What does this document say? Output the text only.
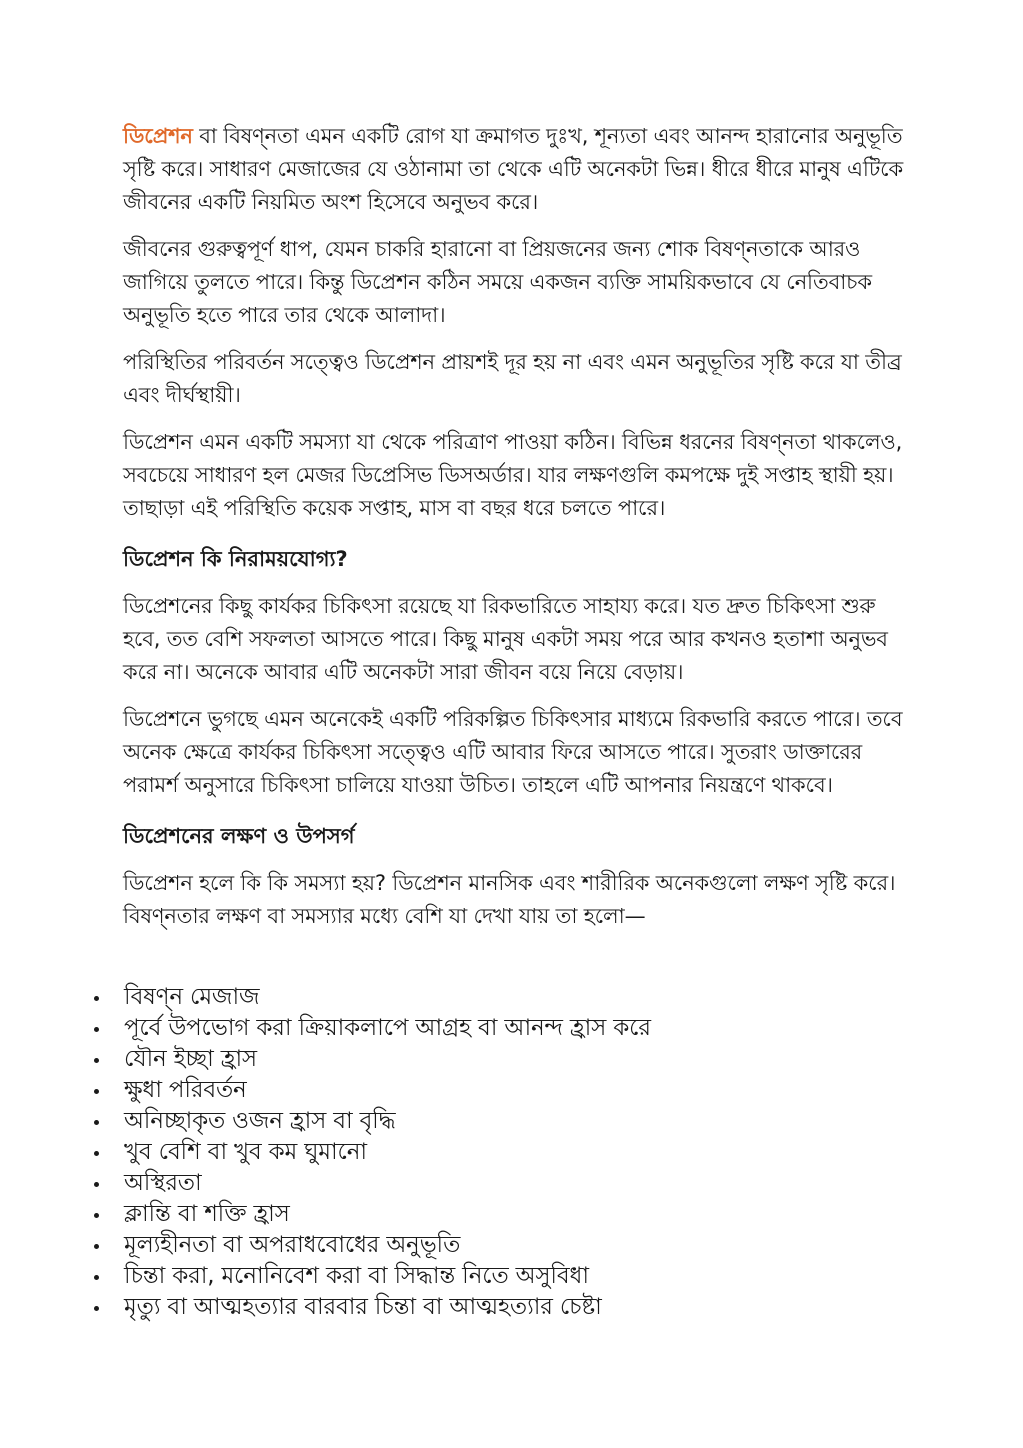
ডিপ্রেশন বা বিষণ্নতা এমন একটি রোগ যা ক্রমাগত দুঃখ, শূন্যতা এবং আনন্দ হারানোর অনুভূতি সৃষ্টি করে। সাধারণ মেজাজের যে ওঠানামা তা থেকে এটি অনেকটা ভিন্ন। ধীরে ধীরে মানুষ এটিকে জীবনের একটি নিয়মিত অংশ হিসেবে অনুভব করে।

জীবনের গুরুত্বপূর্ণ ধাপ, যেমন চাকরি হারানো বা প্রিয়জনের জন্য শোক বিষণ্নতাকে আরও জাগিয়ে তুলতে পারে। কিন্তু ডিপ্রেশন কঠিন সময়ে একজন ব্যক্তি সাময়িকভাবে যে নেতিবাচক অনুভূতি হতে পারে তার থেকে আলাদা।

পরিস্থিতির পরিবর্তন সত্ত্বেও ডিপ্রেশন প্রায়শই দূর হয় না এবং এমন অনুভূতির সৃষ্টি করে যা তীব্র এবং দীর্ঘস্থায়ী।

ডিপ্রেশন এমন একটি সমস্যা যা থেকে পরিত্রাণ পাওয়া কঠিন। বিভিন্ন ধরনের বিষণ্নতা থাকলেও, সবচেয়ে সাধারণ হল মেজর ডিপ্রেসিভ ডিসঅর্ডার। যার লক্ষণগুলি কমপক্ষে দুই সপ্তাহ স্থায়ী হয়। তাছাড়া এই পরিস্থিতি কয়েক সপ্তাহ, মাস বা বছর ধরে চলতে পারে।

ডিপ্রেশন কি নিরাময়যোগ্য?

ডিপ্রেশনের কিছু কার্যকর চিকিৎসা রয়েছে যা রিকভারিতে সাহায্য করে। যত দ্রুত চিকিৎসা শুরু হবে, তত বেশি সফলতা আসতে পারে। কিছু মানুষ একটা সময় পরে আর কখনও হতাশা অনুভব করে না। অনেকে আবার এটি অনেকটা সারা জীবন বয়ে নিয়ে বেড়ায়।

ডিপ্রেশনে ভুগছে এমন অনেকেই একটি পরিকল্পিত চিকিৎসার মাধ্যমে রিকভারি করতে পারে। তবে অনেক ক্ষেত্রে কার্যকর চিকিৎসা সত্ত্বেও এটি আবার ফিরে আসতে পারে। সুতরাং ডাক্তারের পরামর্শ অনুসারে চিকিৎসা চালিয়ে যাওয়া উচিত। তাহলে এটি আপনার নিয়ন্ত্রণে থাকবে।

ডিপ্রেশনের লক্ষণ ও উপসর্গ

ডিপ্রেশন হলে কি কি সমস্যা হয়? ডিপ্রেশন মানসিক এবং শারীরিক অনেকগুলো লক্ষণ সৃষ্টি করে। বিষণ্নতার লক্ষণ বা সমস্যার মধ্যে বেশি যা দেখা যায় তা হলো—

বিষণ্ন মেজাজ
পূর্বে উপভোগ করা ক্রিয়াকলাপে আগ্রহ বা আনন্দ হ্রাস করে
যৌন ইচ্ছা হ্রাস
ক্ষুধা পরিবর্তন
অনিচ্ছাকৃত ওজন হ্রাস বা বৃদ্ধি
খুব বেশি বা খুব কম ঘুমানো
অস্থিরতা
ক্লান্তি বা শক্তি হ্রাস
মূল্যহীনতা বা অপরাধবোধের অনুভূতি
চিন্তা করা, মনোনিবেশ করা বা সিদ্ধান্ত নিতে অসুবিধা
মৃত্যু বা আত্মহত্যার বারবার চিন্তা বা আত্মহত্যার চেষ্টা
